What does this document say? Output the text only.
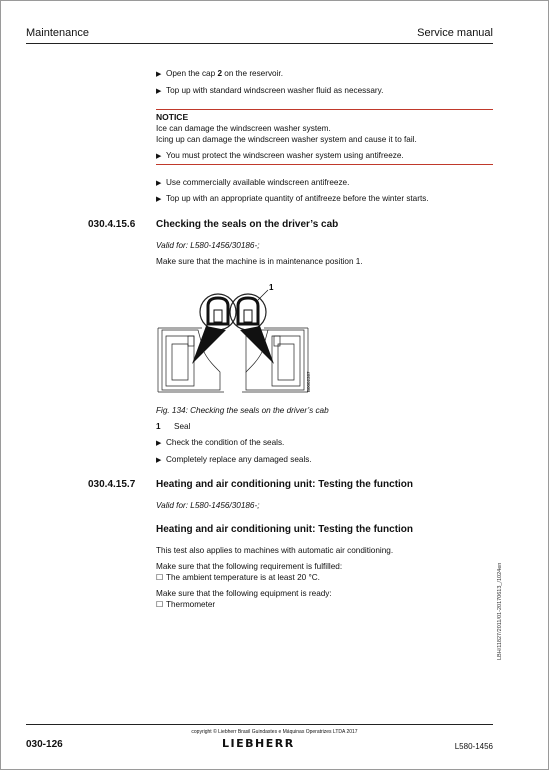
Maintenance	Service manual
▶ Open the cap 2 on the reservoir.
▶ Top up with standard windscreen washer fluid as necessary.
NOTICE
Ice can damage the windscreen washer system.
Icing up can damage the windscreen washer system and cause it to fail.
▶ You must protect the windscreen washer system using antifreeze.
▶ Use commercially available windscreen antifreeze.
▶ Top up with an appropriate quantity of antifreeze before the winter starts.
030.4.15.6 Checking the seals on the driver’s cab
Valid for: L580-1456/30186-;
Make sure that the machine is in maintenance position 1.
1
B0002387
Fig. 134: Checking the seals on the driver’s cab
1 Seal
▶ Check the condition of the seals.
▶ Completely replace any damaged seals.
030.4.15.7 Heating and air conditioning unit: Testing the function
Valid for: L580-1456/30186-;
Heating and air conditioning unit: Testing the function
This test also applies to machines with automatic air conditioning.
Make sure that the following requirement is fulfilled:
☐ The ambient temperature is at least 20 °C.
Make sure that the following equipment is ready:
☐ Thermometer	LBH/11827/2011/01-20170613_/1024en
copyright © Liebherr Brasil Guindastes e Máquinas Operatrizes LTDA 2017
030-126	LIEBHERR	L580-1456
